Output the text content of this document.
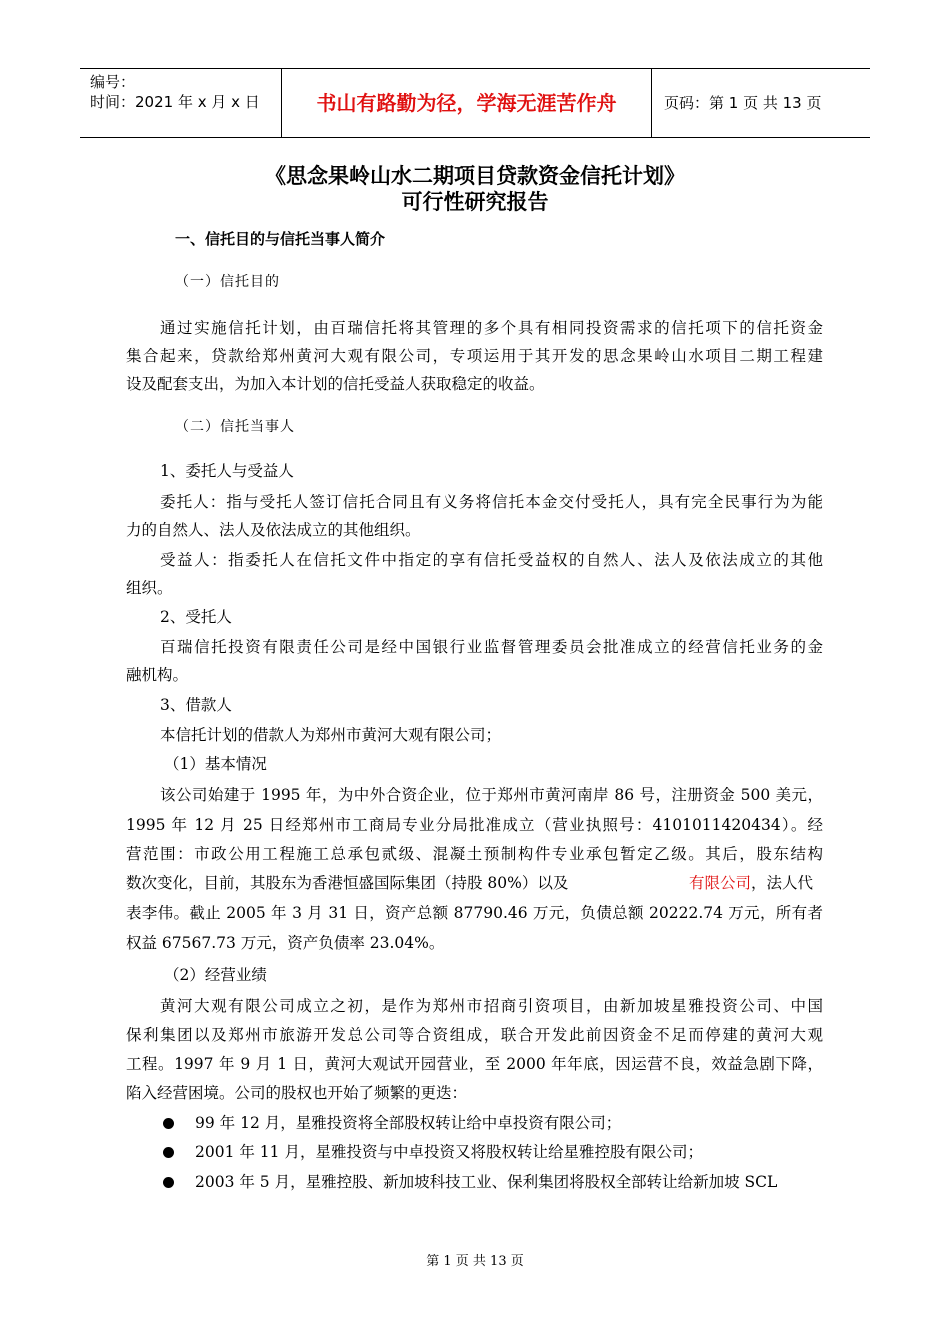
编号：
时间：2021 年 x 月 x 日	书山有路勤为径，学海无涯苦作舟	页码：第 1 页 共 13 页
《思念果岭山水二期项目贷款资金信托计划》
可行性研究报告
一、信托目的与信托当事人简介
（一）信托目的
通过实施信托计划，由百瑞信托将其管理的多个具有相同投资需求的信托项下的信托资金
集合起来，贷款给郑州黄河大观有限公司，专项运用于其开发的思念果岭山水项目二期工程建
设及配套支出，为加入本计划的信托受益人获取稳定的收益。
（二）信托当事人
1、委托人与受益人
委托人：指与受托人签订信托合同且有义务将信托本金交付受托人，具有完全民事行为为能
力的自然人、法人及依法成立的其他组织。
受益人：指委托人在信托文件中指定的享有信托受益权的自然人、法人及依法成立的其他
组织。
2、受托人
百瑞信托投资有限责任公司是经中国银行业监督管理委员会批准成立的经营信托业务的金
融机构。
3、借款人
本信托计划的借款人为郑州市黄河大观有限公司；
（1）基本情况
该公司始建于 1995 年，为中外合资企业，位于郑州市黄河南岸 86 号，注册资金 500 美元，
1995 年 12 月 25 日经郑州市工商局专业分局批准成立（营业执照号：4101011420434）。经
营范围：市政公用工程施工总承包贰级、混凝土预制构件专业承包暂定乙级。其后，股东结构
数次变化，目前，其股东为香港恒盛国际集团（持股 80%）以及	有限公司，法人代
表李伟。截止 2005 年 3 月 31 日，资产总额 87790.46 万元，负债总额 20222.74 万元，所有者
权益 67567.73 万元，资产负债率 23.04%。
（2）经营业绩
黄河大观有限公司成立之初，是作为郑州市招商引资项目，由新加坡星雅投资公司、中国
保利集团以及郑州市旅游开发总公司等合资组成，联合开发此前因资金不足而停建的黄河大观
工程。1997 年 9 月 1 日，黄河大观试开园营业，至 2000 年年底，因运营不良，效益急剧下降，
陷入经营困境。公司的股权也开始了频繁的更迭：
99 年 12 月，星雅投资将全部股权转让给中卓投资有限公司；
2001 年 11 月，星雅投资与中卓投资又将股权转让给星雅控股有限公司；
2003 年 5 月，星雅控股、新加坡科技工业、保利集团将股权全部转让给新加坡 SCL
第 1 页 共 13 页
